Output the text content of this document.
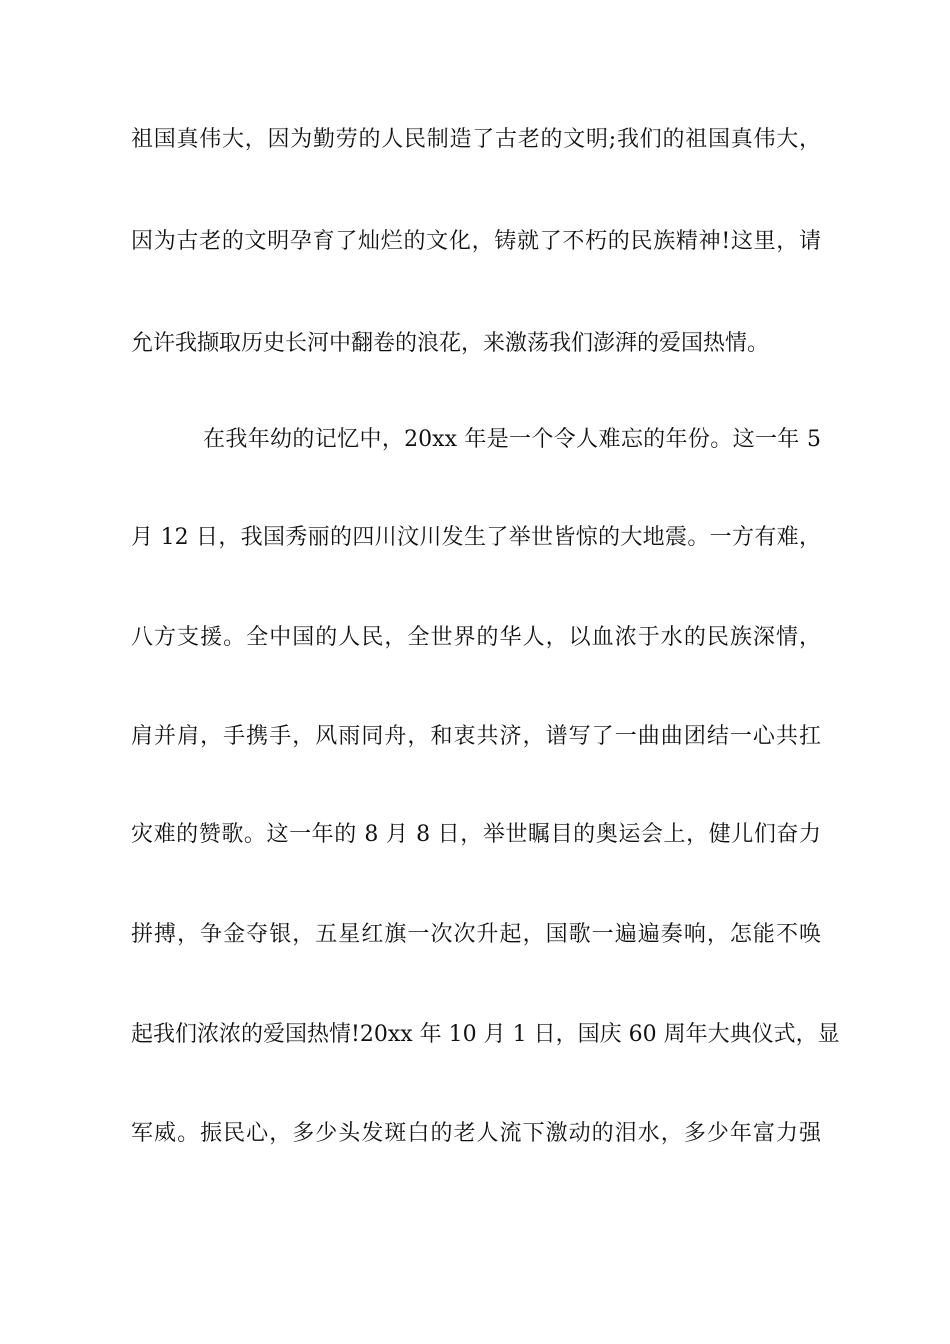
祖国真伟大，因为勤劳的人民制造了古老的文明;我们的祖国真伟大，
因为古老的文明孕育了灿烂的文化，铸就了不朽的民族精神!这里，请
允许我撷取历史长河中翻卷的浪花，来激荡我们澎湃的爱国热情。
在我年幼的记忆中，20xx 年是一个令人难忘的年份。这一年 5
月 12 日，我国秀丽的四川汶川发生了举世皆惊的大地震。一方有难，
八方支援。全中国的人民，全世界的华人，以血浓于水的民族深情，
肩并肩，手携手，风雨同舟，和衷共济，谱写了一曲曲团结一心共扛
灾难的赞歌。这一年的 8 月 8 日，举世瞩目的奥运会上，健儿们奋力
拼搏，争金夺银，五星红旗一次次升起，国歌一遍遍奏响，怎能不唤
起我们浓浓的爱国热情!20xx 年 10 月 1 日，国庆 60 周年大典仪式，显
军威。振民心，多少头发斑白的老人流下激动的泪水，多少年富力强
